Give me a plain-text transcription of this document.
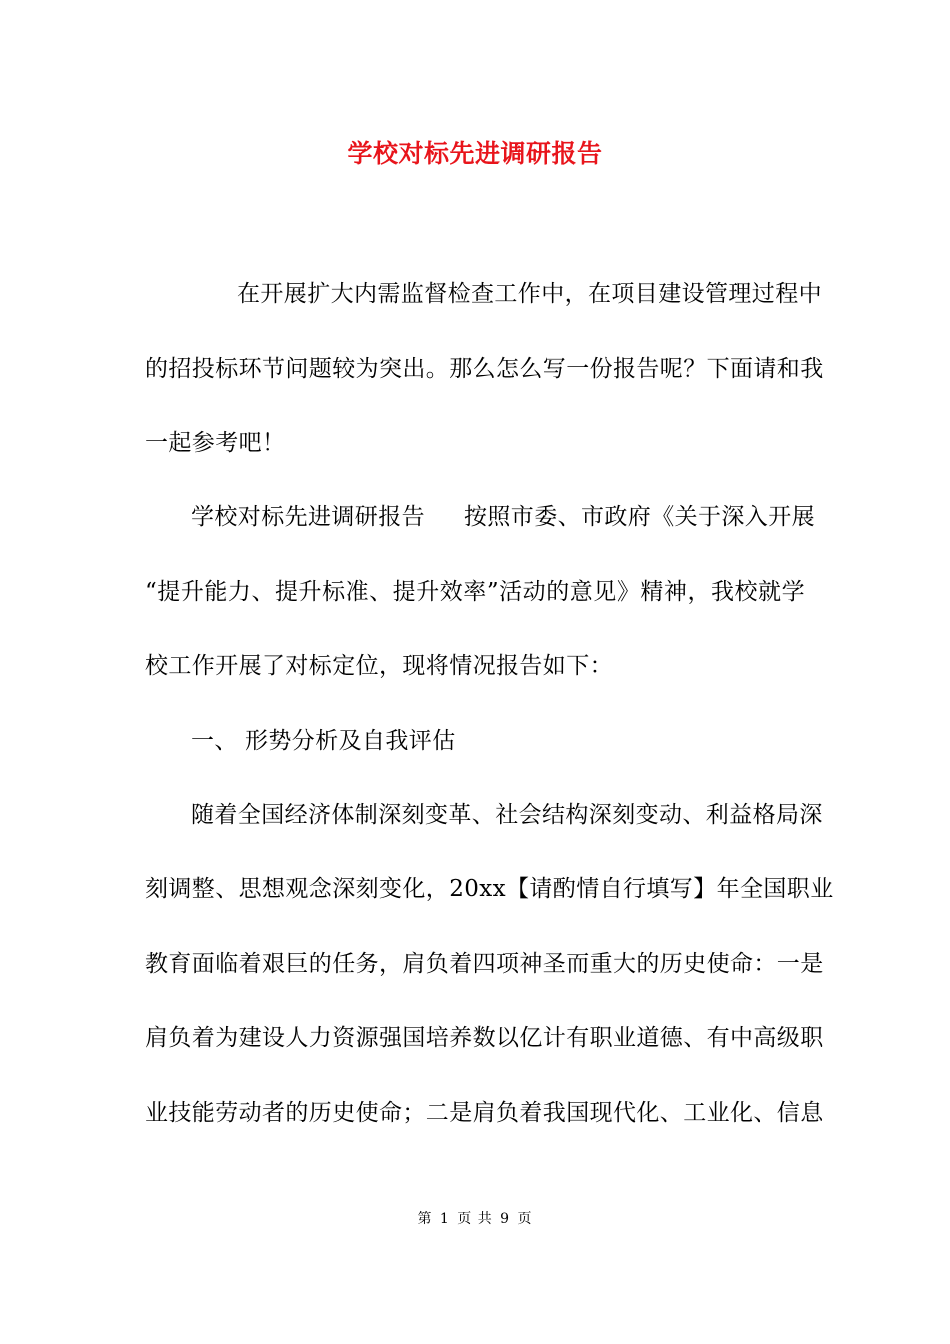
学校对标先进调研报告
在开展扩大内需监督检查工作中，在项目建设管理过程中
的招投标环节问题较为突出。那么怎么写一份报告呢？下面请和我
一起参考吧！
学校对标先进调研报告	按照市委、市政府《关于深入开展
“提升能力、提升标准、提升效率”活动的意见》精神，我校就学
校工作开展了对标定位，现将情况报告如下：
一、 形势分析及自我评估
随着全国经济体制深刻变革、社会结构深刻变动、利益格局深
刻调整、思想观念深刻变化，20xx【请酌情自行填写】年全国职业
教育面临着艰巨的任务，肩负着四项神圣而重大的历史使命：一是
肩负着为建设人力资源强国培养数以亿计有职业道德、有中高级职
业技能劳动者的历史使命；二是肩负着我国现代化、工业化、信息
第 1 页 共 9 页
